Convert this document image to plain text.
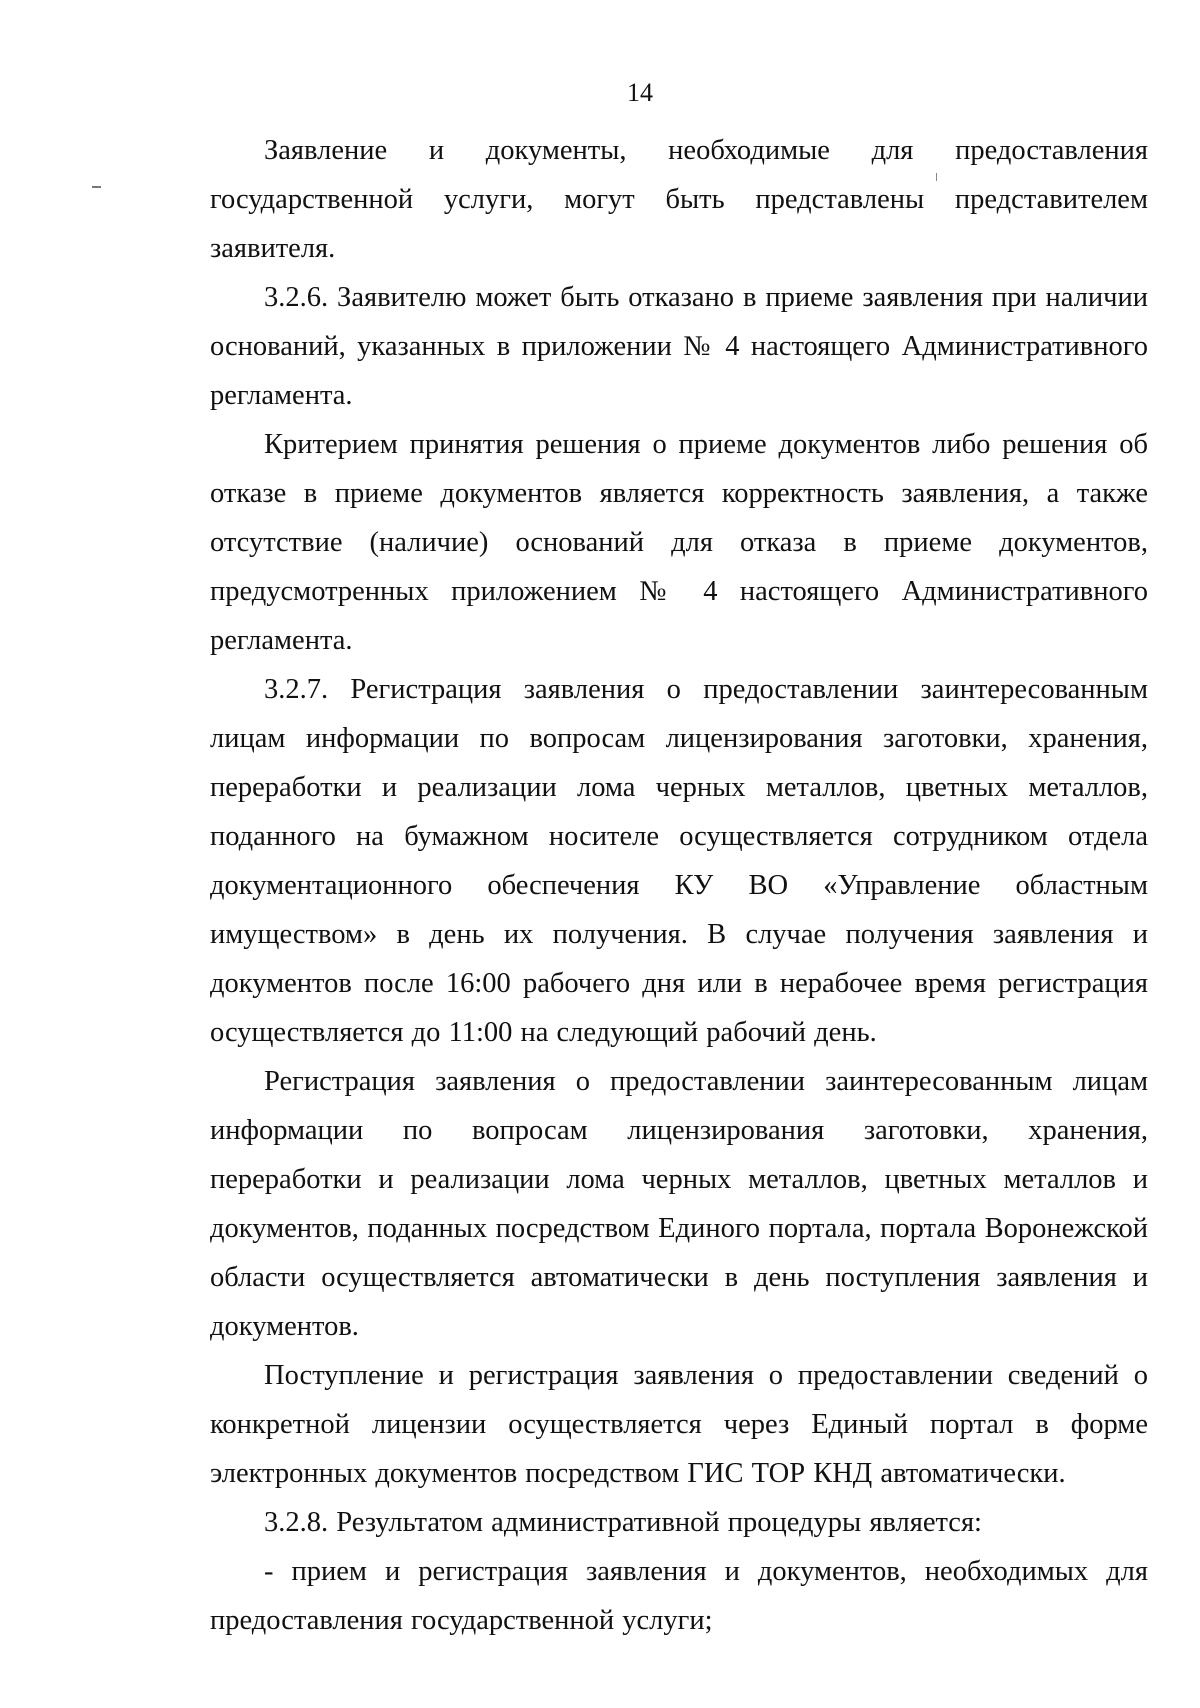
14

Заявление и документы, необходимые для предоставления государственной услуги, могут быть представлены представителем заявителя.

3.2.6. Заявителю может быть отказано в приеме заявления при наличии оснований, указанных в приложении № 4 настоящего Административного регламента.

Критерием принятия решения о приеме документов либо решения об отказе в приеме документов является корректность заявления, а также отсутствие (наличие) оснований для отказа в приеме документов, предусмотренных приложением № 4 настоящего Административного регламента.

3.2.7. Регистрация заявления о предоставлении заинтересованным лицам информации по вопросам лицензирования заготовки, хранения, переработки и реализации лома черных металлов, цветных металлов, поданного на бумажном носителе осуществляется сотрудником отдела документационного обеспечения КУ ВО «Управление областным имуществом» в день их получения. В случае получения заявления и документов после 16:00 рабочего дня или в нерабочее время регистрация осуществляется до 11:00 на следующий рабочий день.

Регистрация заявления о предоставлении заинтересованным лицам информации по вопросам лицензирования заготовки, хранения, переработки и реализации лома черных металлов, цветных металлов и документов, поданных посредством Единого портала, портала Воронежской области осуществляется автоматически в день поступления заявления и документов.

Поступление и регистрация заявления о предоставлении сведений о конкретной лицензии осуществляется через Единый портал в форме электронных документов посредством ГИС ТОР КНД автоматически.

3.2.8. Результатом административной процедуры является:

- прием и регистрация заявления и документов, необходимых для предоставления государственной услуги;
